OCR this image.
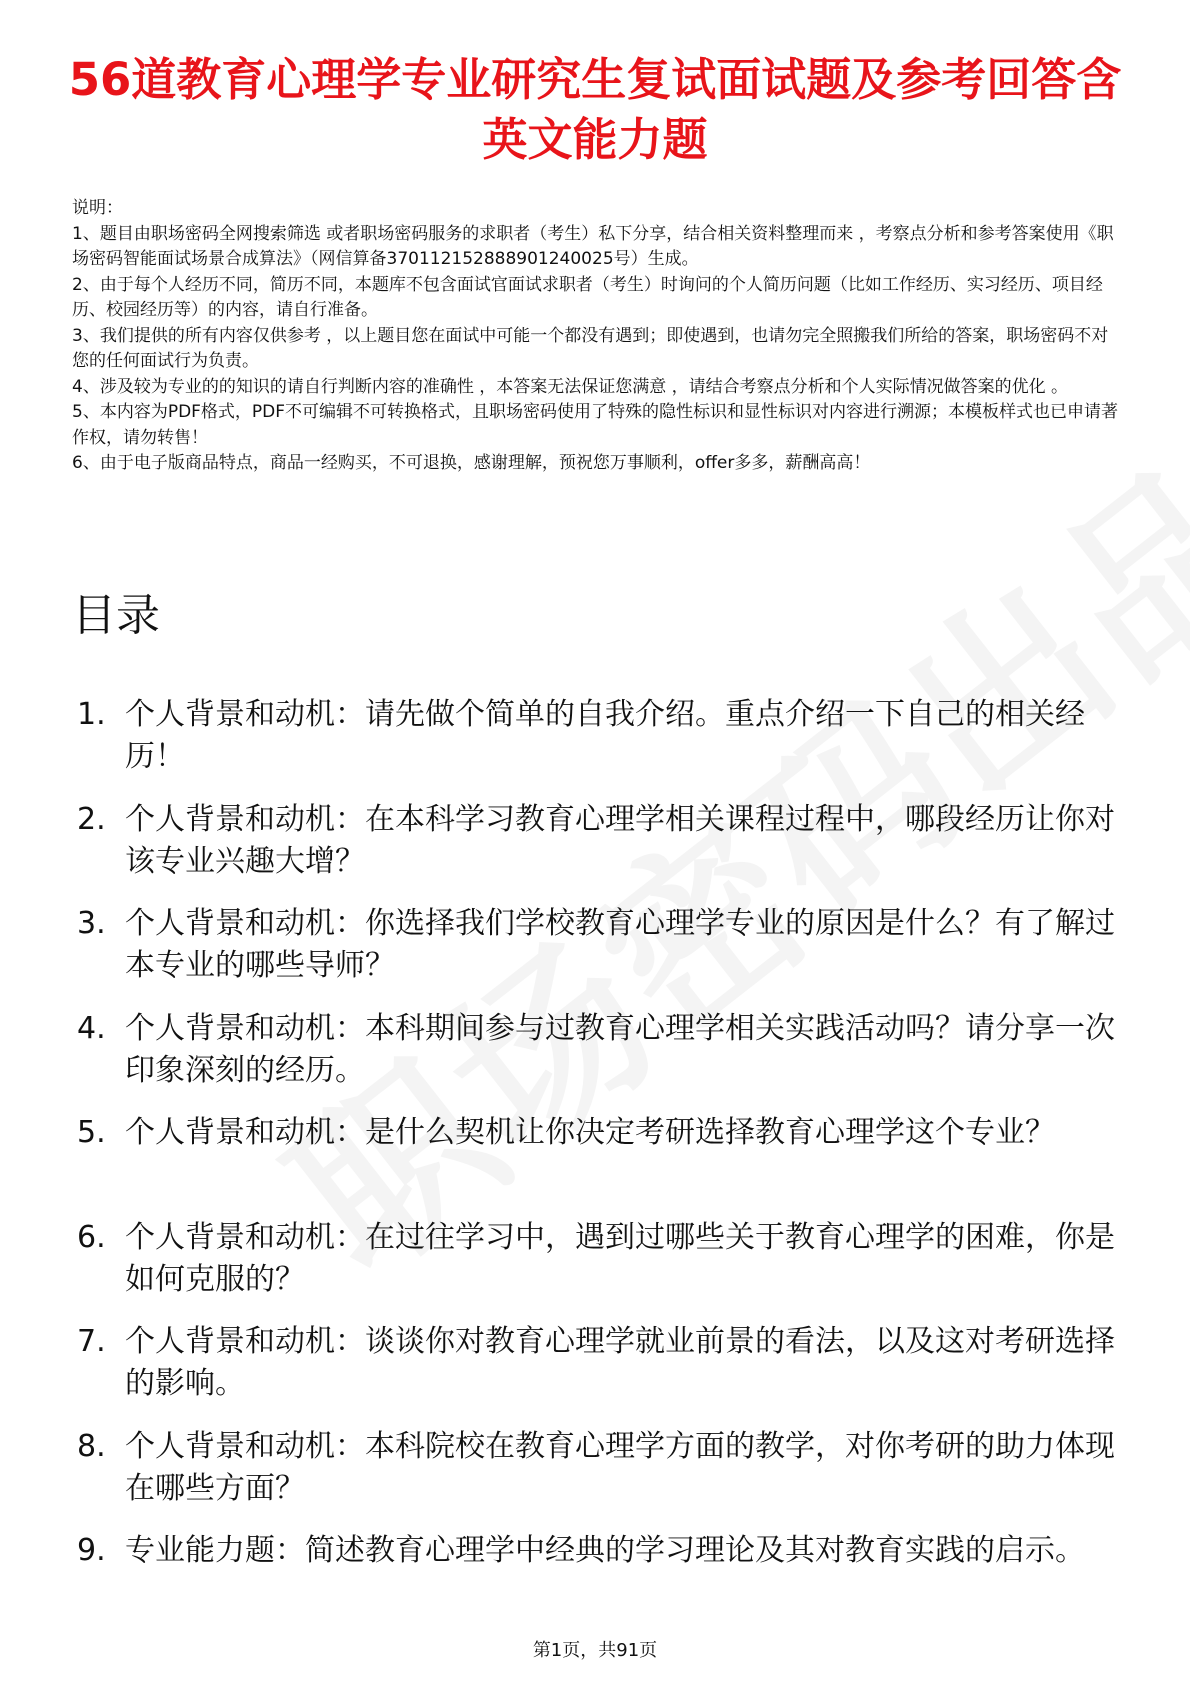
56道教育心理学专业研究生复试面试题及参考回答含英文能力题

说明：

1、题目由职场密码全网搜索筛选 或者职场密码服务的求职者（考生）私下分享，结合相关资料整理而来 ，考察点分析和参考答案使用《职场密码智能面试场景合成算法》（网信算备370112152888901240025号）生成。

2、由于每个人经历不同，简历不同，本题库不包含面试官面试求职者（考生）时询问的个人简历问题（比如工作经历、实习经历、项目经历、校园经历等）的内容，请自行准备。

3、我们提供的所有内容仅供参考 ，以上题目您在面试中可能一个都没有遇到；即使遇到，也请勿完全照搬我们所给的答案，职场密码不对您的任何面试行为负责。

4、涉及较为专业的的知识的请自行判断内容的准确性 ，本答案无法保证您满意 ，请结合考察点分析和个人实际情况做答案的优化 。

5、本内容为PDF格式，PDF不可编辑不可转换格式，且职场密码使用了特殊的隐性标识和显性标识对内容进行溯源；本模板样式也已申请著作权，请勿转售！

6、由于电子版商品特点，商品一经购买，不可退换，感谢理解，预祝您万事顺利，offer多多，薪酬高高！

目录
1. 个人背景和动机：请先做个简单的自我介绍。重点介绍一下自己的相关经历！
2. 个人背景和动机：在本科学习教育心理学相关课程过程中，哪段经历让你对该专业兴趣大增？
3. 个人背景和动机：你选择我们学校教育心理学专业的原因是什么？有了解过本专业的哪些导师？
4. 个人背景和动机：本科期间参与过教育心理学相关实践活动吗？请分享一次印象深刻的经历。
5. 个人背景和动机：是什么契机让你决定考研选择教育心理学这个专业？
6. 个人背景和动机：在过往学习中，遇到过哪些关于教育心理学的困难，你是如何克服的？
7. 个人背景和动机：谈谈你对教育心理学就业前景的看法，以及这对考研选择的影响。
8. 个人背景和动机：本科院校在教育心理学方面的教学，对你考研的助力体现在哪些方面？
9. 专业能力题：简述教育心理学中经典的学习理论及其对教育实践的启示。
第1页，共91页
